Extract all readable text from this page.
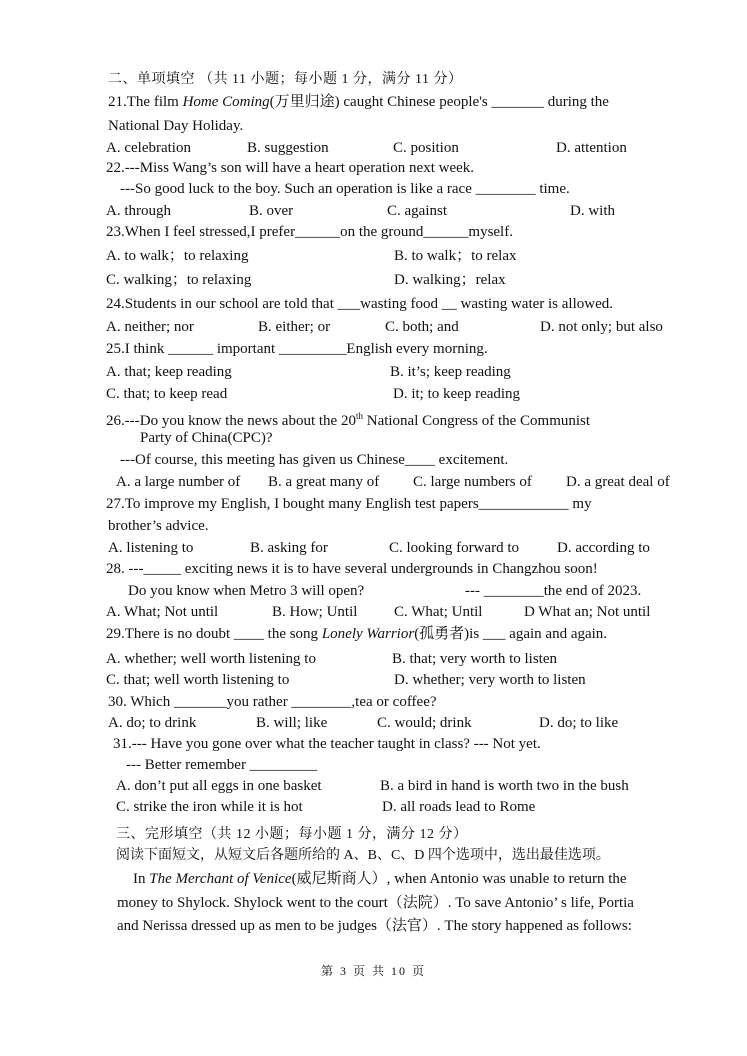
二、单项填空 （共 11 小题；每小题 1 分，满分 11 分）
21.The film Home Coming(万里归途) caught Chinese people's _______ during the
National Day Holiday.
A. celebration	B. suggestion	C. position	D. attention
22.---Miss Wang’s son will have a heart operation next week.
---So good luck to the boy. Such an operation is like a race ________ time.
A. through	B. over	C. against	D. with
23.When I feel stressed,I prefer______on the ground______myself.
A. to walk；to relaxing	B. to walk；to relax
C. walking；to relaxing	D. walking；relax
24.Students in our school are told that ___wasting food __ wasting water is allowed.
A. neither; nor	B. either; or	C. both; and	D. not only; but also
25.I think ______ important _________English every morning.
A. that; keep reading	B. it’s; keep reading
C. that; to keep read	D. it; to keep reading
26.---Do you know the news about the 20th National Congress of the Communist
Party of China(CPC)?
---Of course, this meeting has given us Chinese____ excitement.
A. a large number of B. a great many of C. large numbers of D. a great deal of
27.To improve my English, I bought many English test papers____________ my
brother’s advice.
A. listening to	B. asking for	C. looking forward to	D. according to
28. ---_____ exciting news it is to have several undergrounds in Changzhou soon!
Do you know when Metro 3 will open?	--- ________the end of 2023.
A. What; Not until	B. How; Until C. What; Until	D What an; Not until
29.There is no doubt ____ the song Lonely Warrior(孤勇者)is ___ again and again.
A. whether; well worth listening to	B. that; very worth to listen
C. that; well worth listening to	D. whether; very worth to listen
30. Which _______you rather ________,tea or coffee?
A. do; to drink	B. will; like	C. would; drink	D. do; to like
31.--- Have you gone over what the teacher taught in class? --- Not yet.
--- Better remember _________
A. don’t put all eggs in one basket	B. a bird in hand is worth two in the bush
C. strike the iron while it is hot	D. all roads lead to Rome
三、完形填空（共 12 小题；每小题 1 分，满分 12 分）
阅读下面短文，从短文后各题所给的 A、B、C、D 四个选项中，选出最佳选项。
In The Merchant of Venice(威尼斯商人）, when Antonio was unable to return the
money to Shylock. Shylock went to the court（法院）. To save Antonio’ s life, Portia
and Nerissa dressed up as men to be judges（法官）. The story happened as follows:
第 3 页 共 10 页
